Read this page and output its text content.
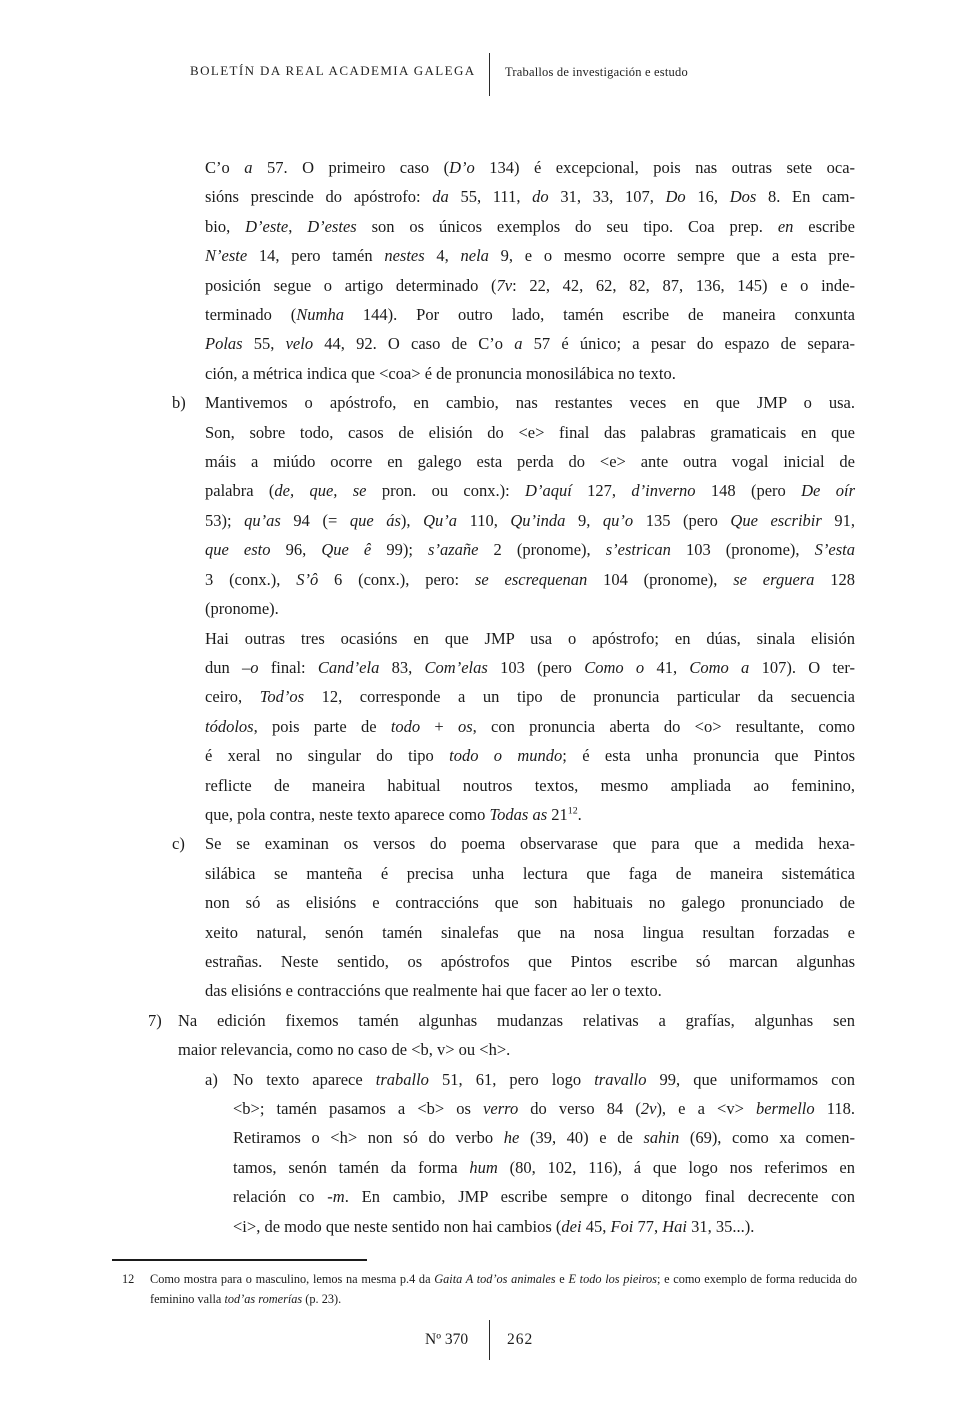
BOLETÍN DA REAL ACADEMIA GALEGA Traballos de investigación e estudo
C’o a 57. O primeiro caso (D’o 134) é excepcional, pois nas outras sete oca-
sións prescinde do apóstrofo: da 55, 111, do 31, 33, 107, Do 16, Dos 8. En cam-
bio, D’este, D’estes son os únicos exemplos do seu tipo. Coa prep. en escribe
N’este 14, pero tamén nestes 4, nela 9, e o mesmo ocorre sempre que a esta pre-
posición segue o artigo determinado (7v: 22, 42, 62, 82, 87, 136, 145) e o inde-
terminado (Numha 144). Por outro lado, tamén escribe de maneira conxunta
Polas 55, velo 44, 92. O caso de C’o a 57 é único; a pesar do espazo de separa-
ción, a métrica indica que <coa> é de pronuncia monosilábica no texto.
b) Mantivemos o apóstrofo, en cambio, nas restantes veces en que JMP o usa.
Son, sobre todo, casos de elisión do <e> final das palabras gramaticais en que
máis a miúdo ocorre en galego esta perda do <e> ante outra vogal inicial de
palabra (de, que, se pron. ou conx.): D’aquí 127, d’inverno 148 (pero De oír
53); qu’as 94 (= que ás), Qu’a 110, Qu’inda 9, qu’o 135 (pero Que escribir 91,
que esto 96, Que ê 99); s’azañe 2 (pronome), s’estrican 103 (pronome), S’esta
3 (conx.), S’ô 6 (conx.), pero: se escrequenan 104 (pronome), se erguera 128
(pronome).
Hai outras tres ocasións en que JMP usa o apóstrofo; en dúas, sinala elisión
dun –o final: Cand’ela 83, Com’elas 103 (pero Como o 41, Como a 107). O ter-
ceiro, Tod’os 12, corresponde a un tipo de pronuncia particular da secuencia
tódolos, pois parte de todo + os, con pronuncia aberta do <o> resultante, como
é xeral no singular do tipo todo o mundo; é esta unha pronuncia que Pintos
reflicte de maneira habitual noutros textos, mesmo ampliada ao feminino,
que, pola contra, neste texto aparece como Todas as $21^{12}$.
c) Se se examinan os versos do poema observarase que para que a medida hexa-
silábica se manteña é precisa unha lectura que faga de maneira sistemática
non só as elisións e contraccións que son habituais no galego pronunciado de
xeito natural, senón tamén sinalefas que na nosa lingua resultan forzadas e
estrañas. Neste sentido, os apóstrofos que Pintos escribe só marcan algunhas
das elisións e contraccións que realmente hai que facer ao ler o texto.
7) Na edición fixemos tamén algunhas mudanzas relativas a grafías, algunhas sen
maior relevancia, como no caso de <b, v> ou <h>.
a) No texto aparece traballo 51, 61, pero logo travallo 99, que uniformamos con
<b>; tamén pasamos a <b> os verro do verso 84 (2v), e a <v> bermello 118.
Retiramos o <h> non só do verbo he (39, 40) e de sahin (69), como xa comen-
tamos, senón tamén da forma hum (80, 102, 116), á que logo nos referimos en
relación co -m. En cambio, JMP escribe sempre o ditongo final decrecente con
<i>, de modo que neste sentido non hai cambios (dei 45, Foi 77, Hai 31, 35...).
12 Como mostra para o masculino, lemos na mesma p.4 da Gaita A tod’os animales e E todo los pieiros; e como exemplo de forma reducida do
feminino valla tod’as romerías (p. 23).
Nº 370	262
